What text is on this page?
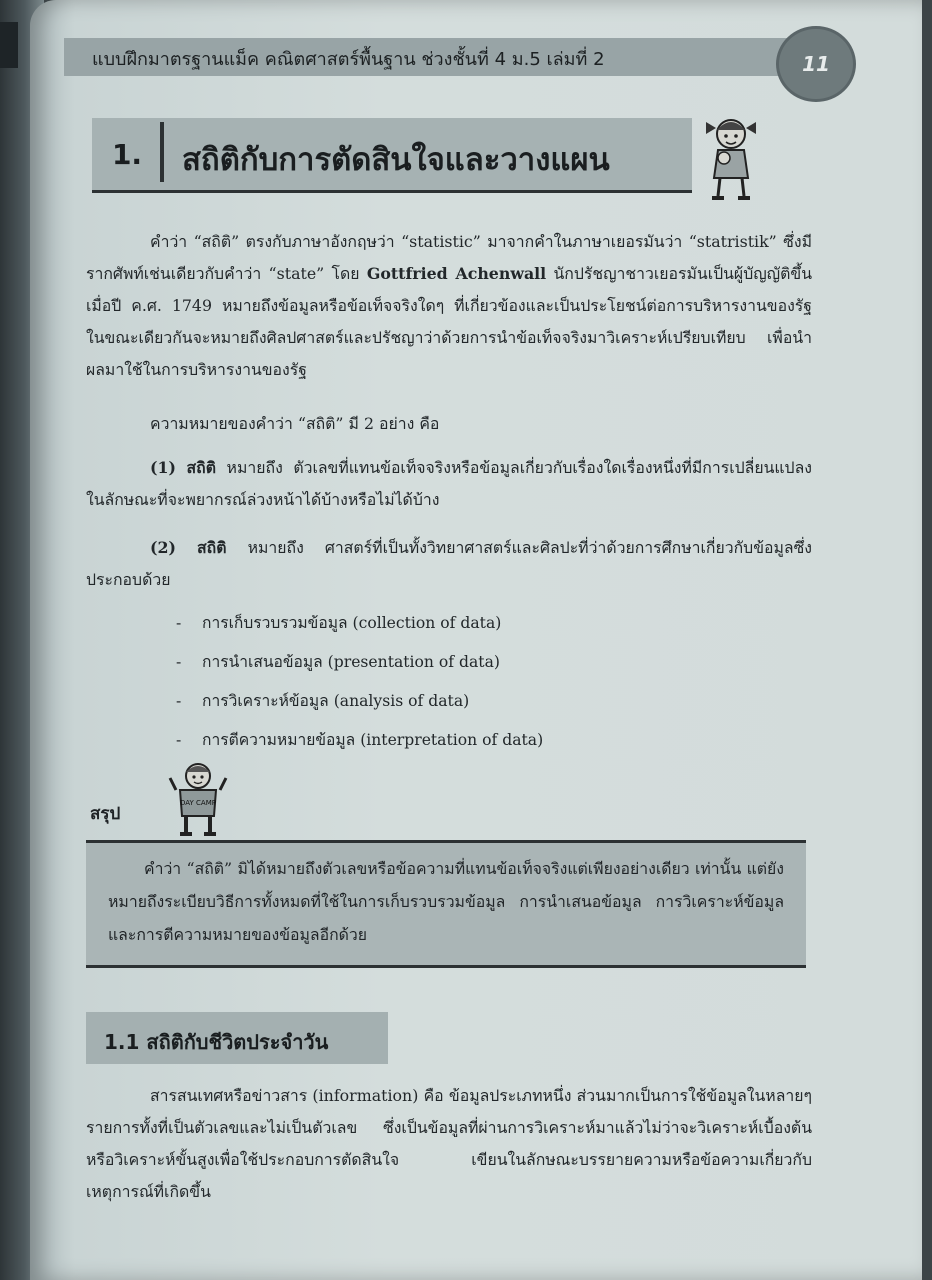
แบบฝึกมาตรฐานแม็ค คณิตศาสตร์พื้นฐาน ช่วงชั้นที่ 4 ม.5 เล่มที่ 2	11
1.	สถิติกับการตัดสินใจและวางแผน

คำว่า “สถิติ” ตรงกับภาษาอังกฤษว่า “statistic” มาจากคำในภาษาเยอรมันว่า “statristik” ซึ่งมีรากศัพท์เช่นเดียวกับคำว่า “state” โดย Gottfried Achenwall นักปรัชญาชาวเยอรมันเป็นผู้บัญญัติขึ้น เมื่อปี ค.ศ. 1749 หมายถึงข้อมูลหรือข้อเท็จจริงใดๆ ที่เกี่ยวข้องและเป็นประโยชน์ต่อการบริหารงานของรัฐ ในขณะเดียวกันจะหมายถึงศิลปศาสตร์และปรัชญาว่าด้วยการนำข้อเท็จจริงมาวิเคราะห์เปรียบเทียบ เพื่อนำผลมาใช้ในการบริหารงานของรัฐ

ความหมายของคำว่า “สถิติ” มี 2 อย่าง คือ

(1) สถิติ หมายถึง ตัวเลขที่แทนข้อเท็จจริงหรือข้อมูลเกี่ยวกับเรื่องใดเรื่องหนึ่งที่มีการเปลี่ยนแปลงในลักษณะที่จะพยากรณ์ล่วงหน้าได้บ้างหรือไม่ได้บ้าง

(2) สถิติ หมายถึง ศาสตร์ที่เป็นทั้งวิทยาศาสตร์และศิลปะที่ว่าด้วยการศึกษาเกี่ยวกับข้อมูลซึ่งประกอบด้วย

- การเก็บรวบรวมข้อมูล (collection of data)
- การนำเสนอข้อมูล (presentation of data)
- การวิเคราะห์ข้อมูล (analysis of data)
- การตีความหมายข้อมูล (interpretation of data)
DAY CAMP
สรุป

คำว่า “สถิติ” มิได้หมายถึงตัวเลขหรือข้อความที่แทนข้อเท็จจริงแต่เพียงอย่างเดียว เท่านั้น แต่ยังหมายถึงระเบียบวิธีการทั้งหมดที่ใช้ในการเก็บรวบรวมข้อมูล การนำเสนอข้อมูล การวิเคราะห์ข้อมูล และการตีความหมายของข้อมูลอีกด้วย

1.1 สถิติกับชีวิตประจำวัน

สารสนเทศหรือข่าวสาร (information) คือ ข้อมูลประเภทหนึ่ง ส่วนมากเป็นการใช้ข้อมูลในหลายๆ รายการทั้งที่เป็นตัวเลขและไม่เป็นตัวเลข ซึ่งเป็นข้อมูลที่ผ่านการวิเคราะห์มาแล้วไม่ว่าจะวิเคราะห์เบื้องต้นหรือวิเคราะห์ขั้นสูงเพื่อใช้ประกอบการตัดสินใจ เขียนในลักษณะบรรยายความหรือข้อความเกี่ยวกับเหตุการณ์ที่เกิดขึ้น
